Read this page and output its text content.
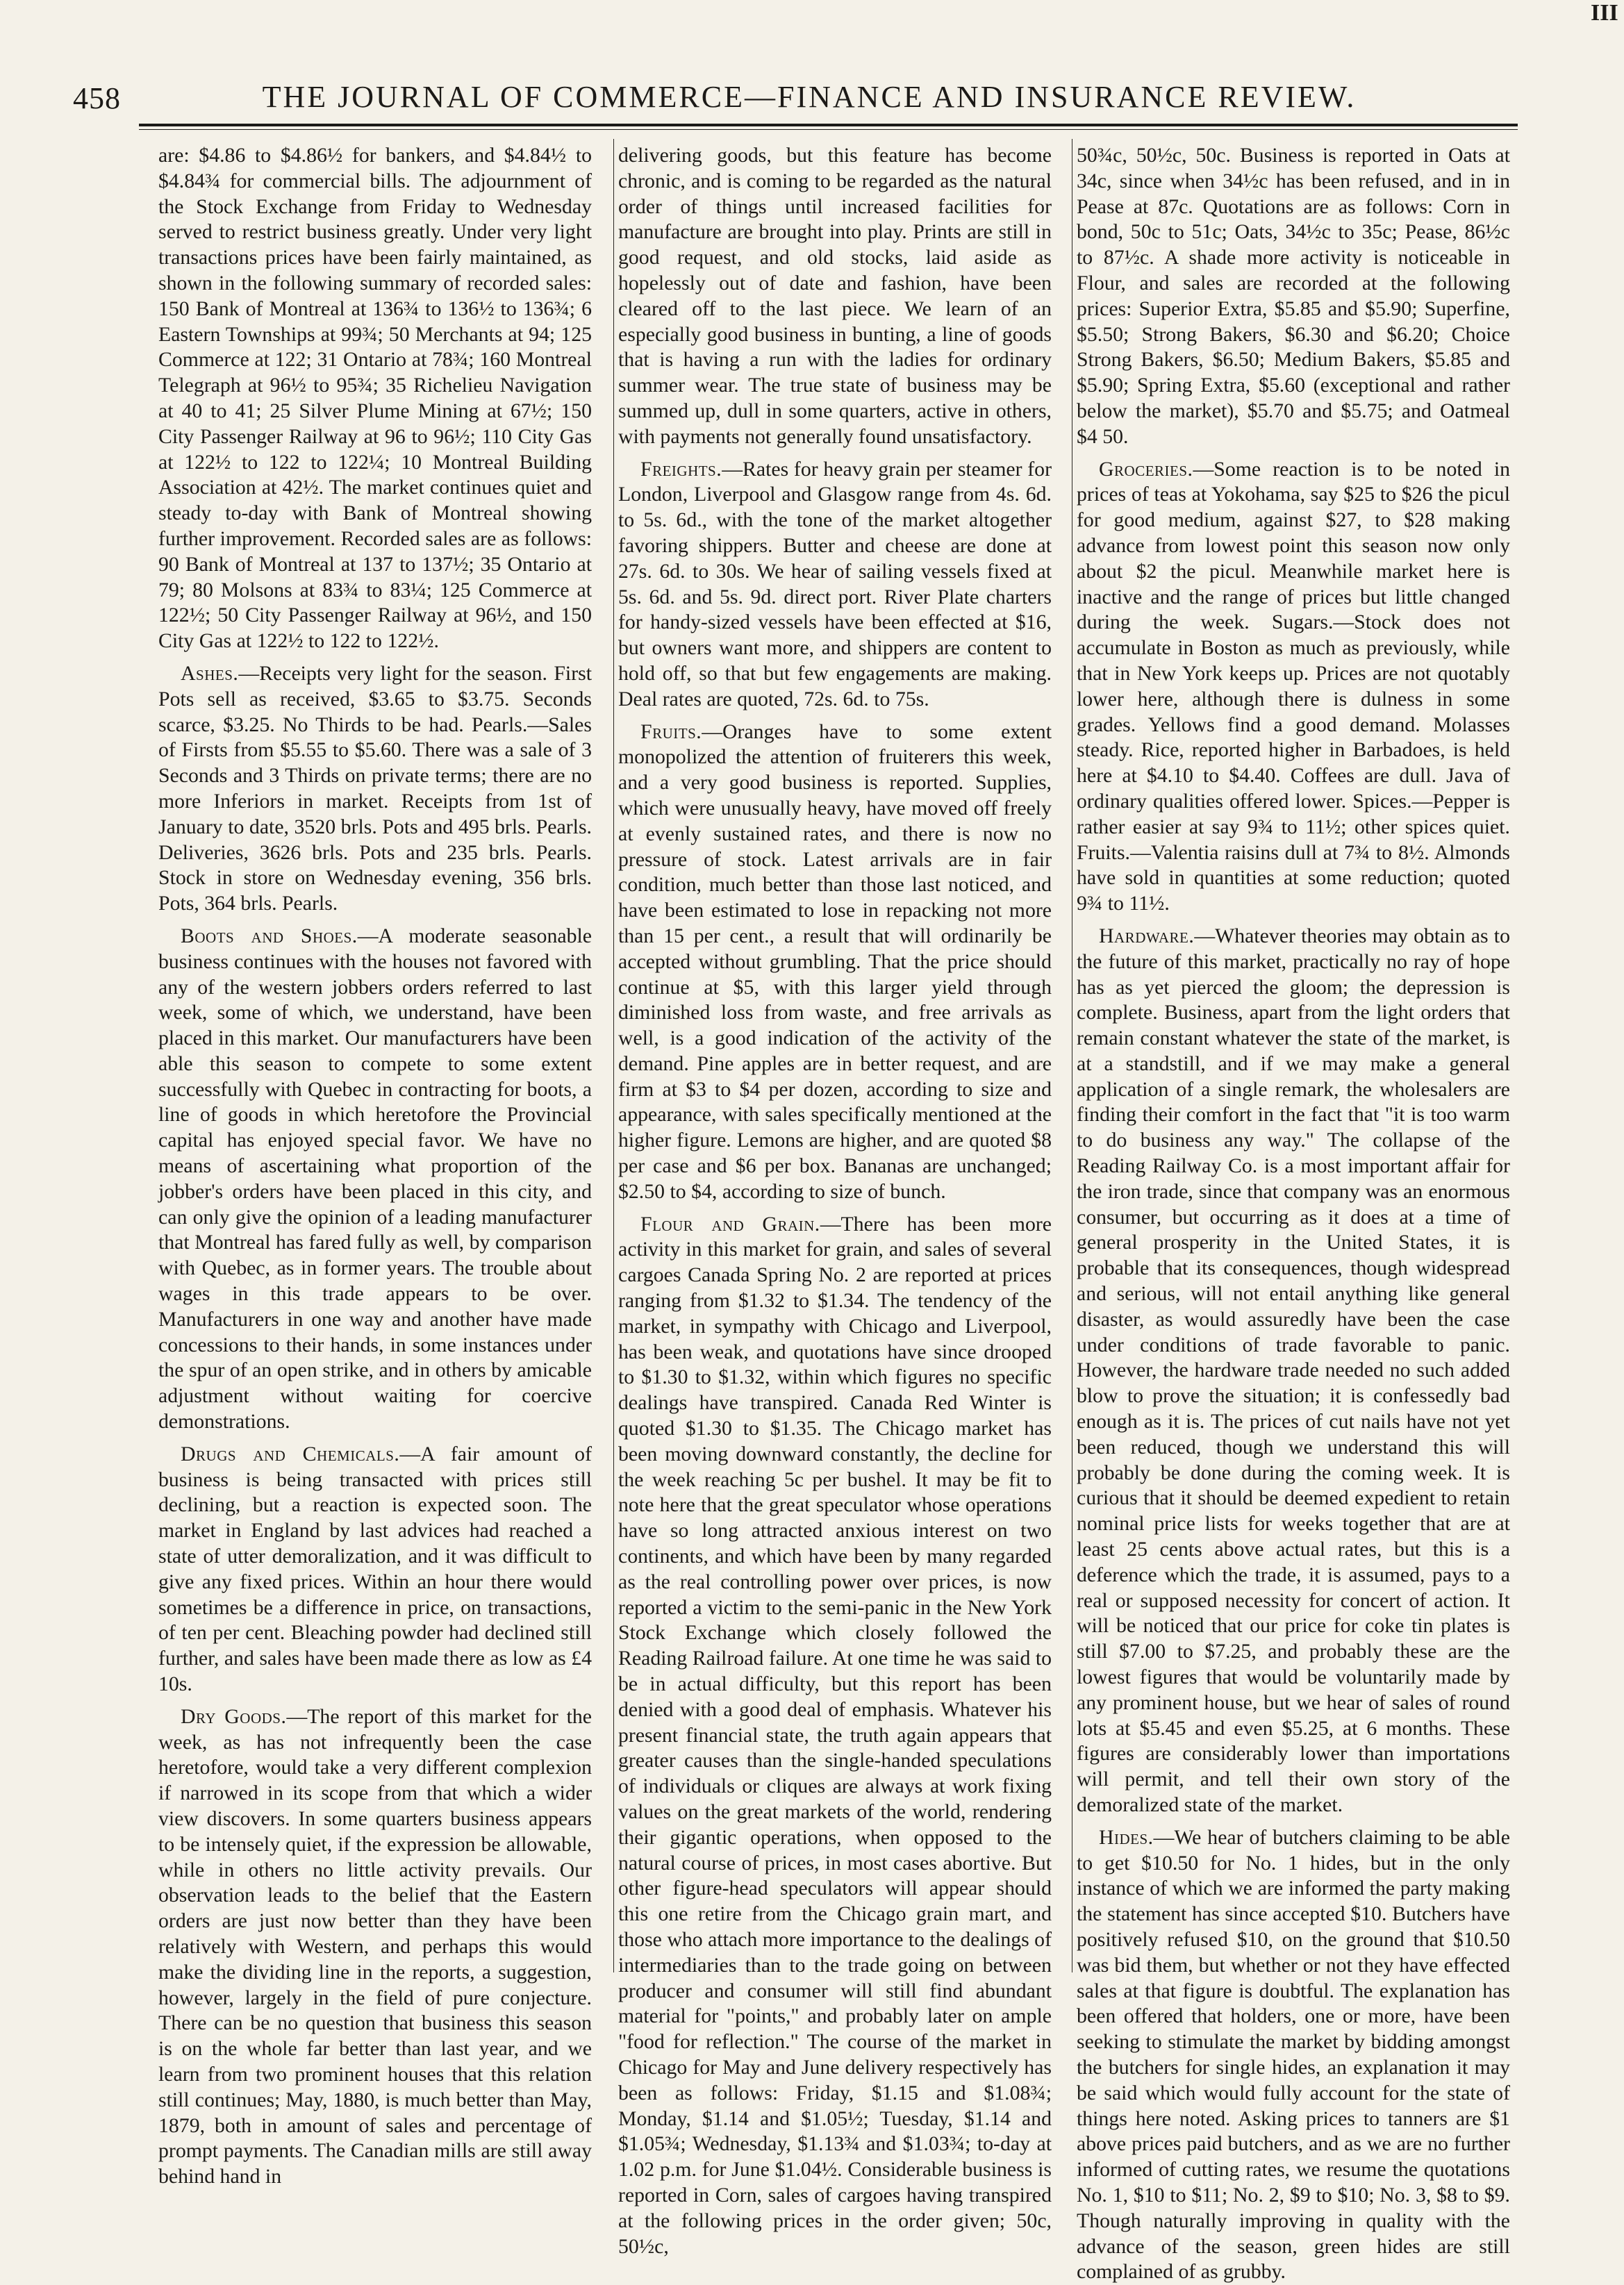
III
458	THE JOURNAL OF COMMERCE—FINANCE AND INSURANCE REVIEW.

are: $4.86 to $4.86½ for bankers, and $4.84½ to $4.84¾ for commercial bills. The adjournment of the Stock Exchange from Friday to Wednesday served to restrict business greatly. Under very light transactions prices have been fairly maintained, as shown in the following summary of recorded sales: 150 Bank of Montreal at 136¾ to 136½ to 136¾; 6 Eastern Townships at 99¾; 50 Merchants at 94; 125 Commerce at 122; 31 Ontario at 78¾; 160 Montreal Telegraph at 96½ to 95¾; 35 Richelieu Navigation at 40 to 41; 25 Silver Plume Mining at 67½; 150 City Passenger Railway at 96 to 96½; 110 City Gas at 122½ to 122 to 122¼; 10 Montreal Building Association at 42½. The market continues quiet and steady to-day with Bank of Montreal showing further improvement. Recorded sales are as follows: 90 Bank of Montreal at 137 to 137½; 35 Ontario at 79; 80 Molsons at 83¾ to 83¼; 125 Commerce at 122½; 50 City Passenger Railway at 96½, and 150 City Gas at 122½ to 122 to 122½.

Ashes.—Receipts very light for the season. First Pots sell as received, $3.65 to $3.75. Seconds scarce, $3.25. No Thirds to be had. Pearls.—Sales of Firsts from $5.55 to $5.60. There was a sale of 3 Seconds and 3 Thirds on private terms; there are no more Inferiors in market. Receipts from 1st of January to date, 3520 brls. Pots and 495 brls. Pearls. Deliveries, 3626 brls. Pots and 235 brls. Pearls. Stock in store on Wednesday evening, 356 brls. Pots, 364 brls. Pearls.

Boots and Shoes.—A moderate seasonable business continues with the houses not favored with any of the western jobbers orders referred to last week, some of which, we understand, have been placed in this market. Our manufacturers have been able this season to compete to some extent successfully with Quebec in contracting for boots, a line of goods in which heretofore the Provincial capital has enjoyed special favor. We have no means of ascertaining what proportion of the jobber's orders have been placed in this city, and can only give the opinion of a leading manufacturer that Montreal has fared fully as well, by comparison with Quebec, as in former years. The trouble about wages in this trade appears to be over. Manufacturers in one way and another have made concessions to their hands, in some instances under the spur of an open strike, and in others by amicable adjustment without waiting for coercive demonstrations.

Drugs and Chemicals.—A fair amount of business is being transacted with prices still declining, but a reaction is expected soon. The market in England by last advices had reached a state of utter demoralization, and it was difficult to give any fixed prices. Within an hour there would sometimes be a difference in price, on transactions, of ten per cent. Bleaching powder had declined still further, and sales have been made there as low as £4 10s.

Dry Goods.—The report of this market for the week, as has not infrequently been the case heretofore, would take a very different complexion if narrowed in its scope from that which a wider view discovers. In some quarters business appears to be intensely quiet, if the expression be allowable, while in others no little activity prevails. Our observation leads to the belief that the Eastern orders are just now better than they have been relatively with Western, and perhaps this would make the dividing line in the reports, a suggestion, however, largely in the field of pure conjecture. There can be no question that business this season is on the whole far better than last year, and we learn from two prominent houses that this relation still continues; May, 1880, is much better than May, 1879, both in amount of sales and percentage of prompt payments. The Canadian mills are still away behind hand in

delivering goods, but this feature has become chronic, and is coming to be regarded as the natural order of things until increased facilities for manufacture are brought into play. Prints are still in good request, and old stocks, laid aside as hopelessly out of date and fashion, have been cleared off to the last piece. We learn of an especially good business in bunting, a line of goods that is having a run with the ladies for ordinary summer wear. The true state of business may be summed up, dull in some quarters, active in others, with payments not generally found unsatisfactory.

Freights.—Rates for heavy grain per steamer for London, Liverpool and Glasgow range from 4s. 6d. to 5s. 6d., with the tone of the market altogether favoring shippers. Butter and cheese are done at 27s. 6d. to 30s. We hear of sailing vessels fixed at 5s. 6d. and 5s. 9d. direct port. River Plate charters for handy-sized vessels have been effected at $16, but owners want more, and shippers are content to hold off, so that but few engagements are making. Deal rates are quoted, 72s. 6d. to 75s.

Fruits.—Oranges have to some extent monopolized the attention of fruiterers this week, and a very good business is reported. Supplies, which were unusually heavy, have moved off freely at evenly sustained rates, and there is now no pressure of stock. Latest arrivals are in fair condition, much better than those last noticed, and have been estimated to lose in repacking not more than 15 per cent., a result that will ordinarily be accepted without grumbling. That the price should continue at $5, with this larger yield through diminished loss from waste, and free arrivals as well, is a good indication of the activity of the demand. Pine apples are in better request, and are firm at $3 to $4 per dozen, according to size and appearance, with sales specifically mentioned at the higher figure. Lemons are higher, and are quoted $8 per case and $6 per box. Bananas are unchanged; $2.50 to $4, according to size of bunch.

Flour and Grain.—There has been more activity in this market for grain, and sales of several cargoes Canada Spring No. 2 are reported at prices ranging from $1.32 to $1.34. The tendency of the market, in sympathy with Chicago and Liverpool, has been weak, and quotations have since drooped to $1.30 to $1.32, within which figures no specific dealings have transpired. Canada Red Winter is quoted $1.30 to $1.35. The Chicago market has been moving downward constantly, the decline for the week reaching 5c per bushel. It may be fit to note here that the great speculator whose operations have so long attracted anxious interest on two continents, and which have been by many regarded as the real controlling power over prices, is now reported a victim to the semi-panic in the New York Stock Exchange which closely followed the Reading Railroad failure. At one time he was said to be in actual difficulty, but this report has been denied with a good deal of emphasis. Whatever his present financial state, the truth again appears that greater causes than the single-handed speculations of individuals or cliques are always at work fixing values on the great markets of the world, rendering their gigantic operations, when opposed to the natural course of prices, in most cases abortive. But other figure-head speculators will appear should this one retire from the Chicago grain mart, and those who attach more importance to the dealings of intermediaries than to the trade going on between producer and consumer will still find abundant material for "points," and probably later on ample "food for reflection." The course of the market in Chicago for May and June delivery respectively has been as follows: Friday, $1.15 and $1.08¾; Monday, $1.14 and $1.05½; Tuesday, $1.14 and $1.05¾; Wednesday, $1.13¾ and $1.03¾; to-day at 1.02 p.m. for June $1.04½. Considerable business is reported in Corn, sales of cargoes having transpired at the following prices in the order given; 50c, 50½c,

50¾c, 50½c, 50c. Business is reported in Oats at 34c, since when 34½c has been refused, and in in Pease at 87c. Quotations are as follows: Corn in bond, 50c to 51c; Oats, 34½c to 35c; Pease, 86½c to 87½c. A shade more activity is noticeable in Flour, and sales are recorded at the following prices: Superior Extra, $5.85 and $5.90; Superfine, $5.50; Strong Bakers, $6.30 and $6.20; Choice Strong Bakers, $6.50; Medium Bakers, $5.85 and $5.90; Spring Extra, $5.60 (exceptional and rather below the market), $5.70 and $5.75; and Oatmeal $4 50.

Groceries.—Some reaction is to be noted in prices of teas at Yokohama, say $25 to $26 the picul for good medium, against $27, to $28 making advance from lowest point this season now only about $2 the picul. Meanwhile market here is inactive and the range of prices but little changed during the week. Sugars.—Stock does not accumulate in Boston as much as previously, while that in New York keeps up. Prices are not quotably lower here, although there is dulness in some grades. Yellows find a good demand. Molasses steady. Rice, reported higher in Barbadoes, is held here at $4.10 to $4.40. Coffees are dull. Java of ordinary qualities offered lower. Spices.—Pepper is rather easier at say 9¾ to 11½; other spices quiet. Fruits.—Valentia raisins dull at 7¾ to 8½. Almonds have sold in quantities at some reduction; quoted 9¾ to 11½.

Hardware.—Whatever theories may obtain as to the future of this market, practically no ray of hope has as yet pierced the gloom; the depression is complete. Business, apart from the light orders that remain constant whatever the state of the market, is at a standstill, and if we may make a general application of a single remark, the wholesalers are finding their comfort in the fact that "it is too warm to do business any way." The collapse of the Reading Railway Co. is a most important affair for the iron trade, since that company was an enormous consumer, but occurring as it does at a time of general prosperity in the United States, it is probable that its consequences, though widespread and serious, will not entail anything like general disaster, as would assuredly have been the case under conditions of trade favorable to panic. However, the hardware trade needed no such added blow to prove the situation; it is confessedly bad enough as it is. The prices of cut nails have not yet been reduced, though we understand this will probably be done during the coming week. It is curious that it should be deemed expedient to retain nominal price lists for weeks together that are at least 25 cents above actual rates, but this is a deference which the trade, it is assumed, pays to a real or supposed necessity for concert of action. It will be noticed that our price for coke tin plates is still $7.00 to $7.25, and probably these are the lowest figures that would be voluntarily made by any prominent house, but we hear of sales of round lots at $5.45 and even $5.25, at 6 months. These figures are considerably lower than importations will permit, and tell their own story of the demoralized state of the market.

Hides.—We hear of butchers claiming to be able to get $10.50 for No. 1 hides, but in the only instance of which we are informed the party making the statement has since accepted $10. Butchers have positively refused $10, on the ground that $10.50 was bid them, but whether or not they have effected sales at that figure is doubtful. The explanation has been offered that holders, one or more, have been seeking to stimulate the market by bidding amongst the butchers for single hides, an explanation it may be said which would fully account for the state of things here noted. Asking prices to tanners are $1 above prices paid butchers, and as we are no further informed of cutting rates, we resume the quotations No. 1, $10 to $11; No. 2, $9 to $10; No. 3, $8 to $9. Though naturally improving in quality with the advance of the season, green hides are still complained of as grubby.
